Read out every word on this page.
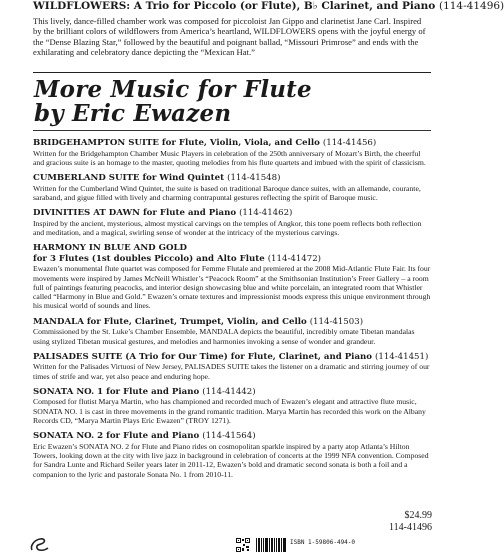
WILDFLOWERS: A Trio for Piccolo (or Flute), B♭ Clarinet, and Piano (114-41496)

This lively, dance-filled chamber work was composed for piccoloist Jan Gippo and clarinetist Jane Carl. Inspired by the brilliant colors of wildflowers from America’s heartland, WILDFLOWERS opens with the joyful energy of the “Dense Blazing Star,” followed by the beautiful and poignant ballad, “Missouri Primrose” and ends with the exhilarating and celebratory dance depicting the “Mexican Hat.”

More Music for Flute
by Eric Ewazen

BRIDGEHAMPTON SUITE for Flute, Violin, Viola, and Cello (114-41456)

Written for the Bridgehampton Chamber Music Players in celebration of the 250th anniversary of Mozart’s Birth, the cheerful and gracious suite is an homage to the master, quoting melodies from his flute quartets and imbued with the spirit of classicism.

CUMBERLAND SUITE for Wind Quintet (114-41548)

Written for the Cumberland Wind Quintet, the suite is based on traditional Baroque dance suites, with an allemande, courante, saraband, and gigue filled with lively and charming contrapuntal gestures reflecting the spirit of Baroque music.

DIVINITIES AT DAWN for Flute and Piano (114-41462)

Inspired by the ancient, mysterious, almost mystical carvings on the temples of Angkor, this tone poem reflects both reflection and meditation, and a magical, swirling sense of wonder at the intricacy of the mysterious carvings.

HARMONY IN BLUE AND GOLD

for 3 Flutes (1st doubles Piccolo) and Alto Flute (114-41472)

Ewazen’s monumental flute quartet was composed for Femme Flutale and premiered at the 2008 Mid-Atlantic Flute Fair. Its four movements were inspired by James McNeill Whistler’s “Peacock Room” at the Smithsonian Institution’s Freer Gallery – a room full of paintings featuring peacocks, and interior design showcasing blue and white porcelain, an integrated room that Whistler called “Harmony in Blue and Gold.” Ewazen’s ornate textures and impressionist moods express this unique environment through his musical world of sounds and lines.

MANDALA for Flute, Clarinet, Trumpet, Violin, and Cello (114-41503)

Commissioned by the St. Luke’s Chamber Ensemble, MANDALA depicts the beautiful, incredibly ornate Tibetan mandalas using stylized Tibetan musical gestures, and melodies and harmonies invoking a sense of wonder and grandeur.

PALISADES SUITE (A Trio for Our Time) for Flute, Clarinet, and Piano (114-41451)

Written for the Palisades Virtuosi of New Jersey, PALISADES SUITE takes the listener on a dramatic and stirring journey of our times of strife and war, yet also peace and enduring hope.

SONATA NO. 1 for Flute and Piano (114-41442)

Composed for flutist Marya Martin, who has championed and recorded much of Ewazen’s elegant and attractive flute music, SONATA NO. 1 is cast in three movements in the grand romantic tradition. Marya Martin has recorded this work on the Albany Records CD, “Marya Martin Plays Eric Ewazen” (TROY 1271).

SONATA NO. 2 for Flute and Piano (114-41564)

Eric Ewazen’s SONATA NO. 2 for Flute and Piano rides on cosmopolitan sparkle inspired by a party atop Atlanta’s Hilton Towers, looking down at the city with live jazz in background in celebration of concerts at the 1999 NFA convention. Composed for Sandra Lunte and Richard Seiler years later in 2011-12, Ewazen’s bold and dramatic second sonata is both a foil and a companion to the lyric and pastorale Sonata No. 1 from 2010-11.

$24.99
114-41496
ISBN 1-59806-494-0
